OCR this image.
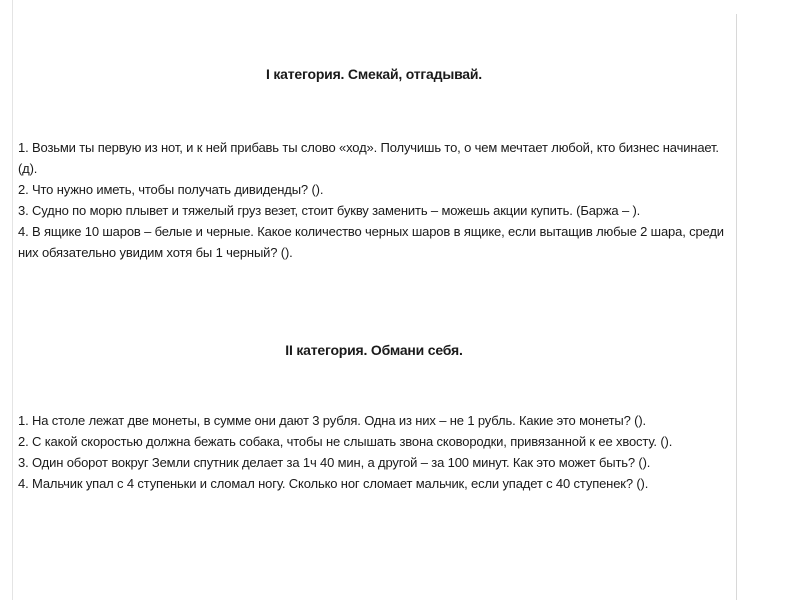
I категория. Смекай, отгадывай.
1. Возьми ты первую из нот, и к ней прибавь ты слово «ход». Получишь то, о чем мечтает любой, кто бизнес начинает. (д).
2. Что нужно иметь, чтобы получать дивиденды? ().
3. Судно по морю плывет и тяжелый груз везет, стоит букву заменить – можешь акции купить. (Баржа – ).
4. В ящике 10 шаров – белые и черные. Какое количество черных шаров в ящике, если вытащив любые 2 шара, среди них обязательно увидим хотя бы 1 черный? ().
II категория. Обмани себя.
1. На столе лежат две монеты, в сумме они дают 3 рубля. Одна из них – не 1 рубль. Какие это монеты? ().
2. С какой скоростью должна бежать собака, чтобы не слышать звона сковородки, привязанной к ее хвосту. ().
3. Один оборот вокруг Земли спутник делает за 1ч 40 мин, а другой – за 100 минут. Как это может быть? ().
4. Мальчик упал с 4 ступеньки и сломал ногу. Сколько ног сломает мальчик, если упадет с 40 ступенек? ().
